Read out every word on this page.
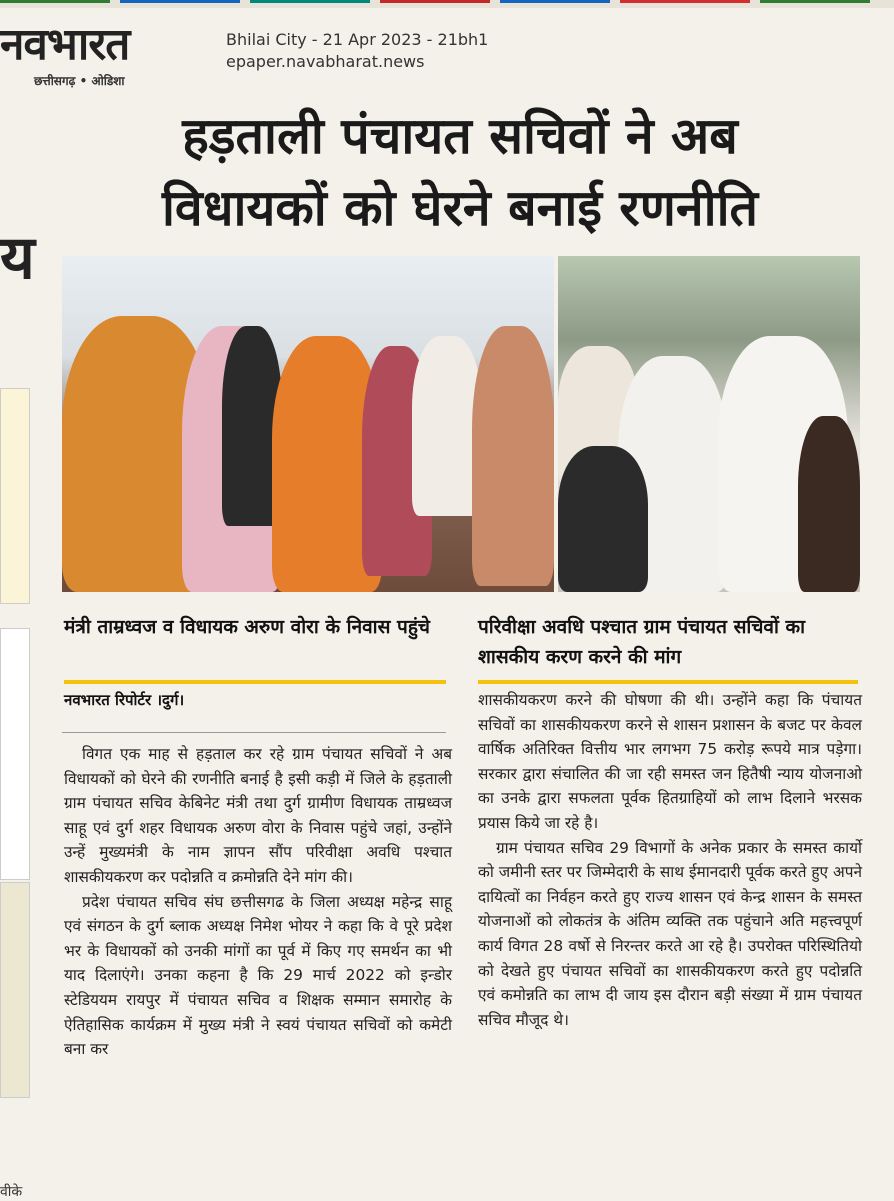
नवभारत
छत्तीसगढ़ • ओडिशा
Bhilai City - 21 Apr 2023 - 21bh1
epaper.navabharat.news
य
वीके
हड़ताली पंचायत सचिवों ने अब
विधायकों को घेरने बनाई रणनीति
मंत्री ताम्रध्वज व विधायक अरुण वोरा के निवास पहुंचे	परिवीक्षा अवधि पश्चात ग्राम पंचायत सचिवों का शासकीय करण करने की मांग
नवभारत रिपोर्टर ।दुर्ग।

विगत एक माह से हड़ताल कर रहे ग्राम पंचायत सचिवों ने अब विधायकों को घेरने की रणनीति बनाई है इसी कड़ी में जिले के हड़ताली ग्राम पंचायत सचिव केबिनेट मंत्री तथा दुर्ग ग्रामीण विधायक ताम्रध्वज साहू एवं दुर्ग शहर विधायक अरुण वोरा के निवास पहुंचे जहां, उन्होंने उन्हें मुख्यमंत्री के नाम ज्ञापन सौंप परिवीक्षा अवधि पश्चात शासकीयकरण कर पदोन्नति व क्रमोन्नति देने मांग की।

प्रदेश पंचायत सचिव संघ छत्तीसगढ के जिला अध्यक्ष महेन्द्र साहू एवं संगठन के दुर्ग ब्लाक अध्यक्ष निमेश भोयर ने कहा कि वे पूरे प्रदेश भर के विधायकों को उनकी मांगों का पूर्व में किए गए समर्थन का भी याद दिलाएंगे। उनका कहना है कि 29 मार्च 2022 को इन्डोर स्टेडिययम रायपुर में पंचायत सचिव व शिक्षक सम्मान समारोह के ऐतिहासिक कार्यक्रम में मुख्य मंत्री ने स्वयं पंचायत सचिवों को कमेटी बना कर

शासकीयकरण करने की घोषणा की थी। उन्होंने कहा कि पंचायत सचिवों का शासकीयकरण करने से शासन प्रशासन के बजट पर केवल वार्षिक अतिरिक्त वित्तीय भार लगभग 75 करोड़ रूपये मात्र पड़ेगा। सरकार द्वारा संचालित की जा रही समस्त जन हितैषी न्याय योजनाओ का उनके द्वारा सफलता पूर्वक हितग्राहियों को लाभ दिलाने भरसक प्रयास किये जा रहे है।

ग्राम पंचायत सचिव 29 विभागों के अनेक प्रकार के समस्त कार्यो को जमीनी स्तर पर जिम्मेदारी के साथ ईमानदारी पूर्वक करते हुए अपने दायित्वों का निर्वहन करते हुए राज्य शासन एवं केन्द्र शासन के समस्त योजनाओं को लोकतंत्र के अंतिम व्यक्ति तक पहुंचाने अति महत्त्वपूर्ण कार्य विगत 28 वर्षो से निरन्तर करते आ रहे है। उपरोक्त परिस्थितियो को देखते हुए पंचायत सचिवों का शासकीयकरण करते हुए पदोन्नति एवं कमोन्नति का लाभ दी जाय इस दौरान बड़ी संख्या में ग्राम पंचायत सचिव मौजूद थे।
